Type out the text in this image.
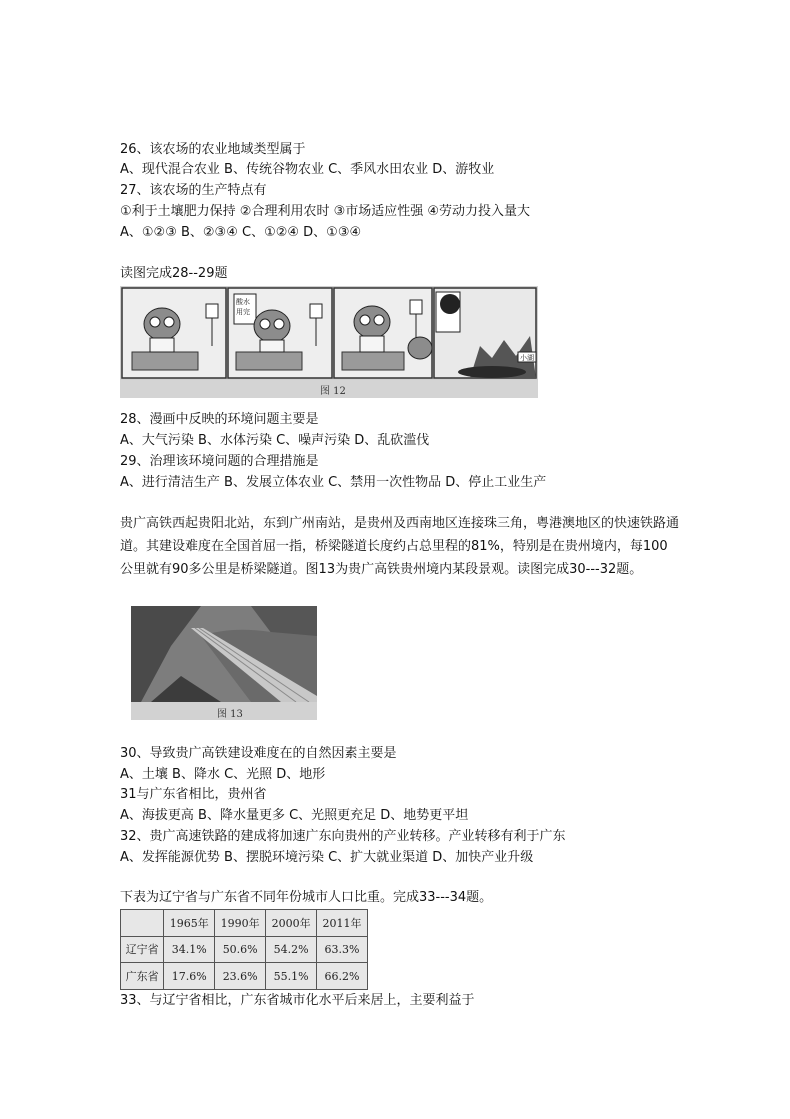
26、该农场的农业地域类型属于
A、现代混合农业 B、传统谷物农业 C、季风水田农业 D、游牧业
27、该农场的生产特点有
①利于土壤肥力保持 ②合理利用农时 ③市场适应性强 ④劳动力投入量大
A、①②③ B、②③④ C、①②④ D、①③④
读图完成28--29题
酸水
用完
小湖
图 12
28、漫画中反映的环境问题主要是
A、大气污染 B、水体污染 C、噪声污染 D、乱砍滥伐
29、治理该环境问题的合理措施是
A、进行清洁生产 B、发展立体农业 C、禁用一次性物品 D、停止工业生产
贵广高铁西起贵阳北站，东到广州南站，是贵州及西南地区连接珠三角，粤港澳地区的快速铁路通道。其建设难度在全国首屈一指，桥梁隧道长度约占总里程的81%，特别是在贵州境内，每100公里就有90多公里是桥梁隧道。图13为贵广高铁贵州境内某段景观。读图完成30---32题。
图 13
30、导致贵广高铁建设难度在的自然因素主要是
A、土壤 B、降水 C、光照 D、地形
31与广东省相比，贵州省
A、海拔更高 B、降水量更多 C、光照更充足 D、地势更平坦
32、贵广高速铁路的建成将加速广东向贵州的产业转移。产业转移有利于广东
A、发挥能源优势 B、摆脱环境污染 C、扩大就业渠道 D、加快产业升级
下表为辽宁省与广东省不同年份城市人口比重。完成33---34题。
	1965年	1990年	2000年	2011年
辽宁省	34.1%	50.6%	54.2%	63.3%
广东省	17.6%	23.6%	55.1%	66.2%
33、与辽宁省相比，广东省城市化水平后来居上，主要利益于
